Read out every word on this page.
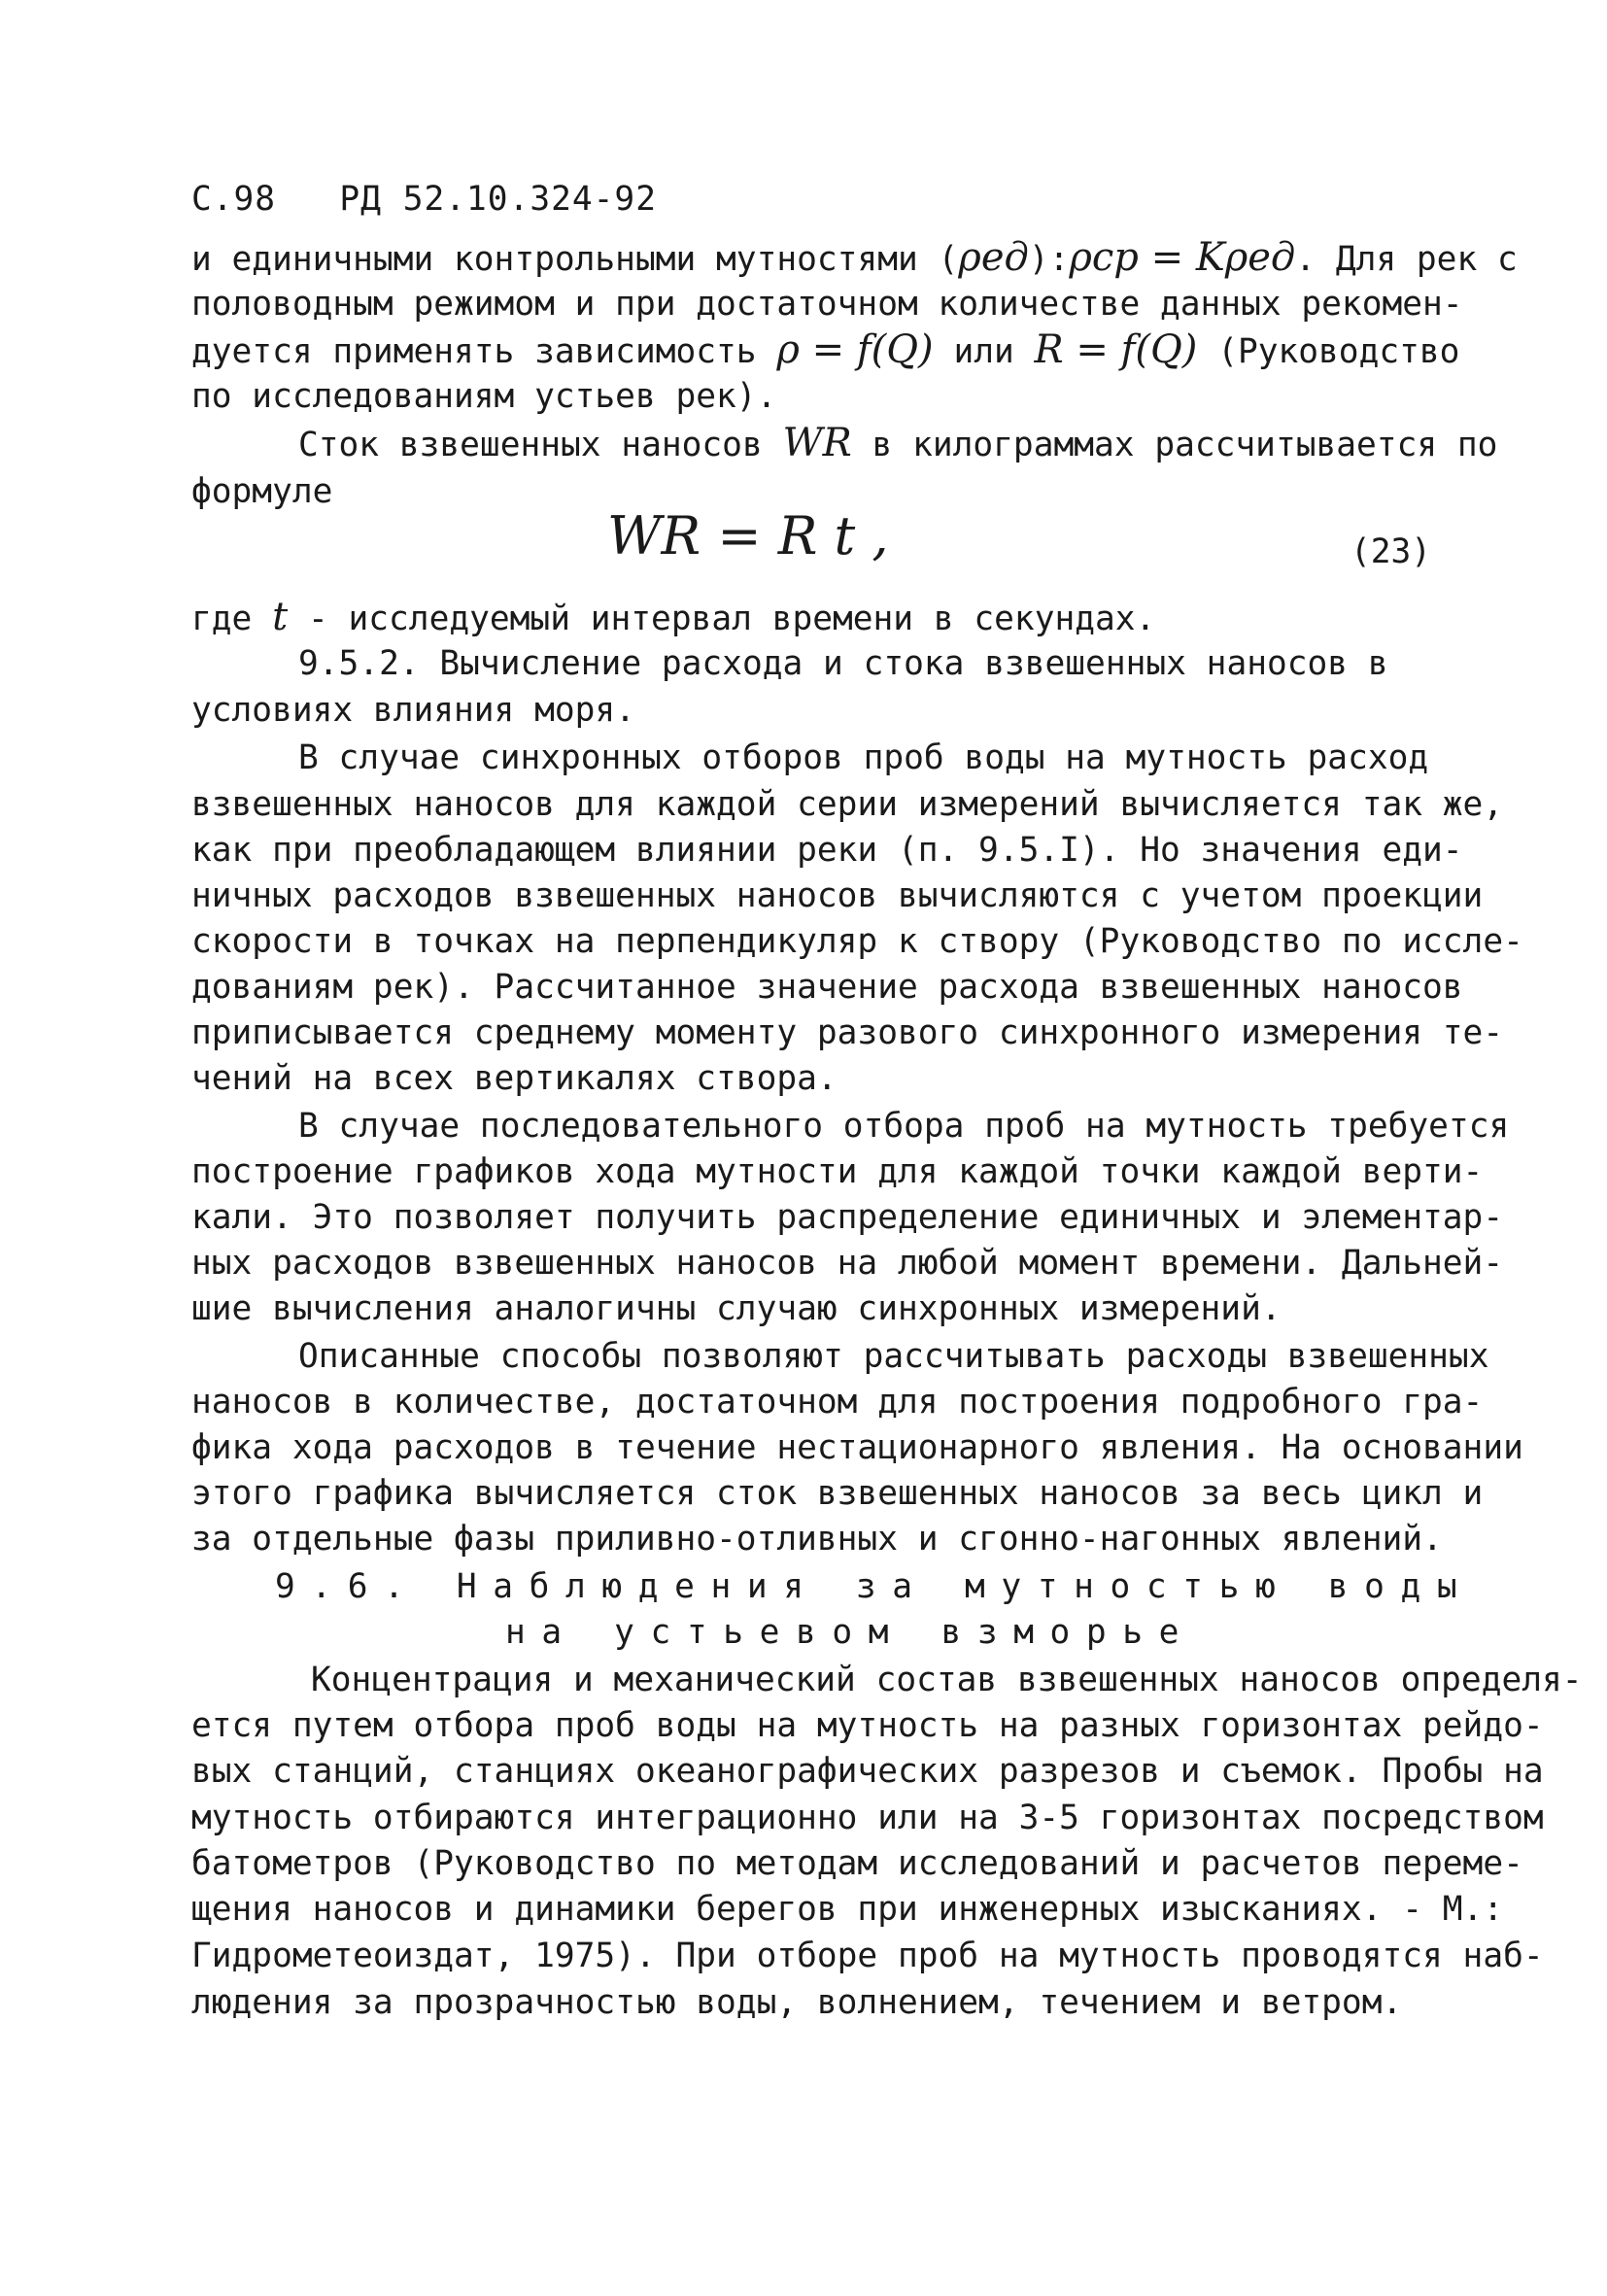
С.98 РД 52.10.324-92
и единичными контрольными мутностями (ρед):ρср = Kρед. Для рек с
половодным режимом и при достаточном количестве данных рекомен-
дуется применять зависимость ρ = f(Q) или R = f(Q) (Руководство
по исследованиям устьев рек).
Сток взвешенных наносов WR в килограммах рассчитывается по
формуле
WR = R t ,	(23)
где t - исследуемый интервал времени в секундах.
9.5.2. Вычисление расхода и стока взвешенных наносов в
условиях влияния моря.
В случае синхронных отборов проб воды на мутность расход
взвешенных наносов для каждой серии измерений вычисляется так же,
как при преобладающем влиянии реки (п. 9.5.I). Но значения еди-
ничных расходов взвешенных наносов вычисляются с учетом проекции
скорости в точках на перпендикуляр к створу (Руководство по иссле-
дованиям рек). Рассчитанное значение расхода взвешенных наносов
приписывается среднему моменту разового синхронного измерения те-
чений на всех вертикалях створа.
В случае последовательного отбора проб на мутность требуется
построение графиков хода мутности для каждой точки каждой верти-
кали. Это позволяет получить распределение единичных и элементар-
ных расходов взвешенных наносов на любой момент времени. Дальней-
шие вычисления аналогичны случаю синхронных измерений.
Описанные способы позволяют рассчитывать расходы взвешенных
наносов в количестве, достаточном для построения подробного гра-
фика хода расходов в течение нестационарного явления. На основании
этого графика вычисляется сток взвешенных наносов за весь цикл и
за отдельные фазы приливно-отливных и сгонно-нагонных явлений.
9.6. Наблюдения за мутностью воды
на устьевом взморье
Концентрация и механический состав взвешенных наносов определя-
ется путем отбора проб воды на мутность на разных горизонтах рейдо-
вых станций, станциях океанографических разрезов и съемок. Пробы на
мутность отбираются интеграционно или на 3-5 горизонтах посредством
батометров (Руководство по методам исследований и расчетов переме-
щения наносов и динамики берегов при инженерных изысканиях. - М.:
Гидрометеоиздат, 1975). При отборе проб на мутность проводятся наб-
людения за прозрачностью воды, волнением, течением и ветром.
